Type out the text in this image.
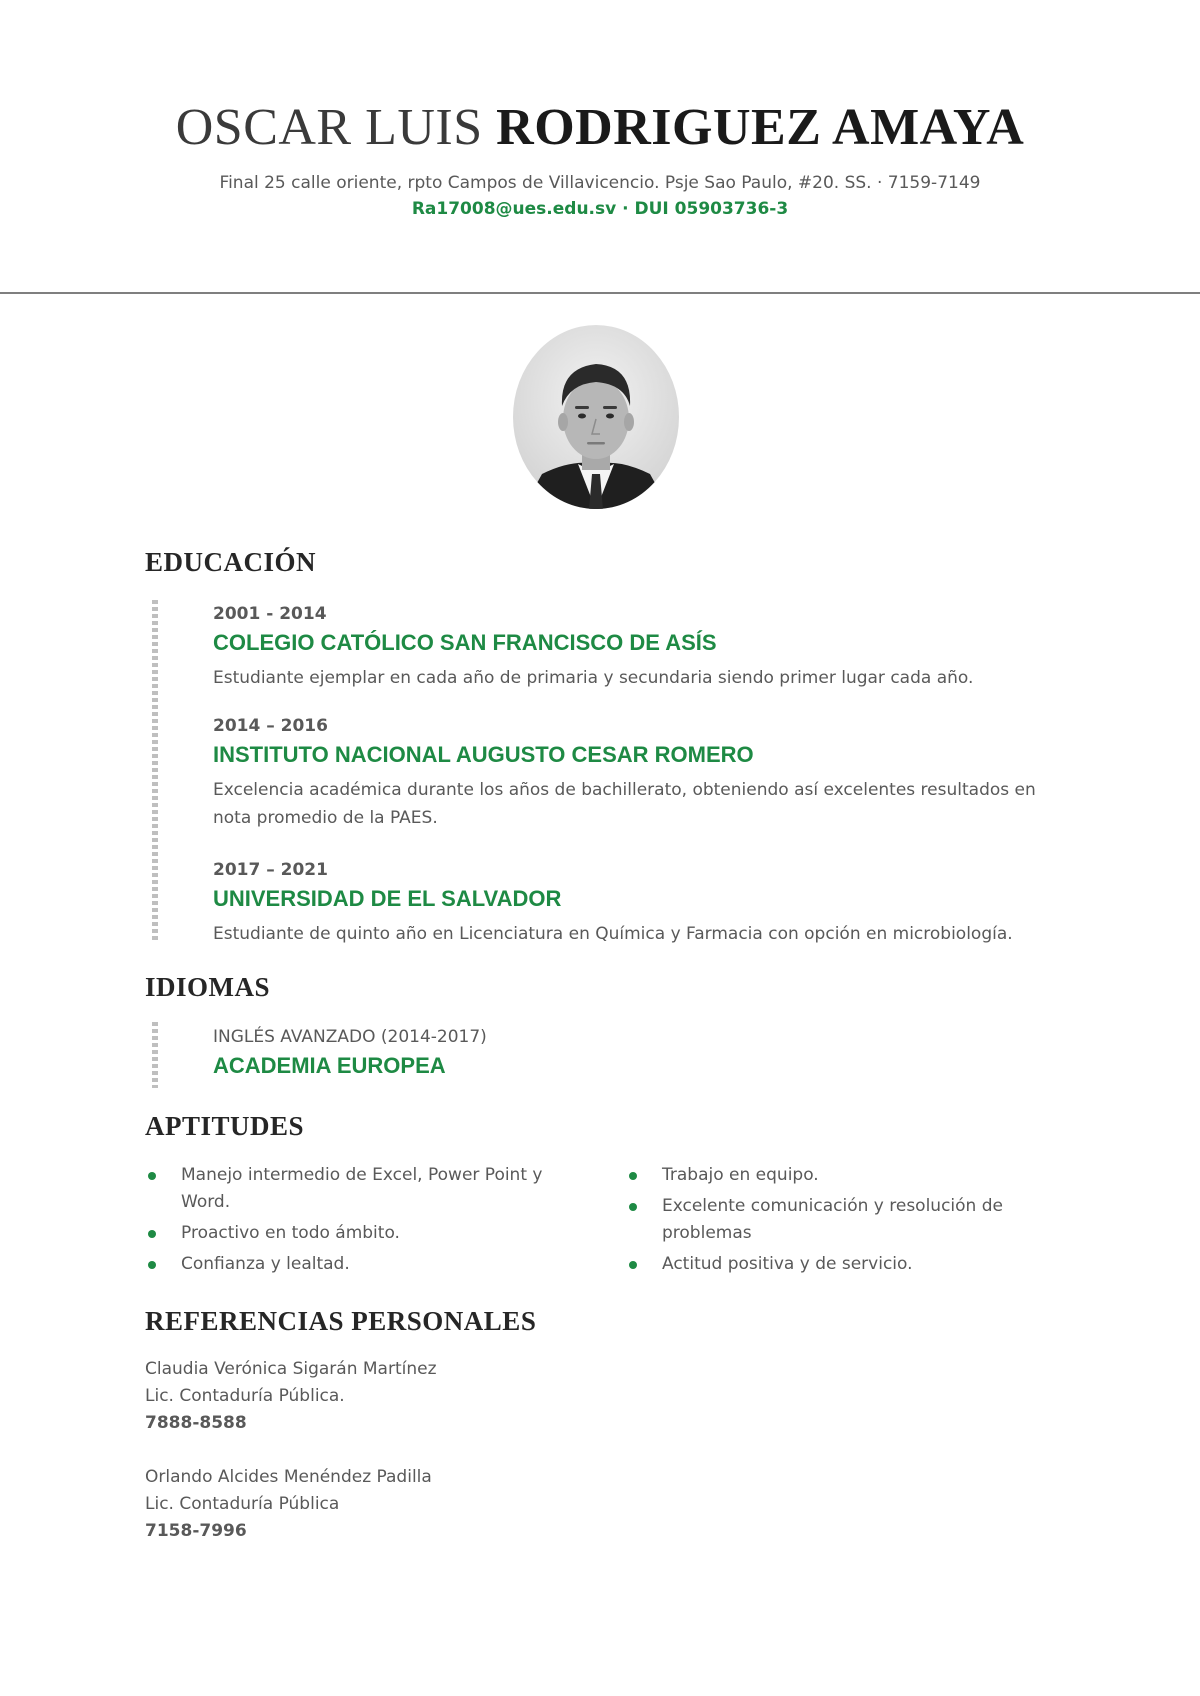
OSCAR LUIS RODRIGUEZ AMAYA
Final 25 calle oriente, rpto Campos de Villavicencio. Psje Sao Paulo, #20. SS. · 7159-7149
Ra17008@ues.edu.sv · DUI 05903736-3
EDUCACIÓN
2001 - 2014
COLEGIO CATÓLICO SAN FRANCISCO DE ASÍS
Estudiante ejemplar en cada año de primaria y secundaria siendo primer lugar cada año.
2014 – 2016
INSTITUTO NACIONAL AUGUSTO CESAR ROMERO
Excelencia académica durante los años de bachillerato, obteniendo así excelentes resultados en nota promedio de la PAES.
2017 – 2021
UNIVERSIDAD DE EL SALVADOR
Estudiante de quinto año en Licenciatura en Química y Farmacia con opción en microbiología.
IDIOMAS
INGLÉS AVANZADO (2014-2017)
ACADEMIA EUROPEA
APTITUDES
Manejo intermedio de Excel, Power Point y Word.
Proactivo en todo ámbito.
Confianza y lealtad.
Trabajo en equipo.
Excelente comunicación y resolución de problemas
Actitud positiva y de servicio.
REFERENCIAS PERSONALES
Claudia Verónica Sigarán Martínez
Lic. Contaduría Pública.
7888-8588
Orlando Alcides Menéndez Padilla
Lic. Contaduría Pública
7158-7996
